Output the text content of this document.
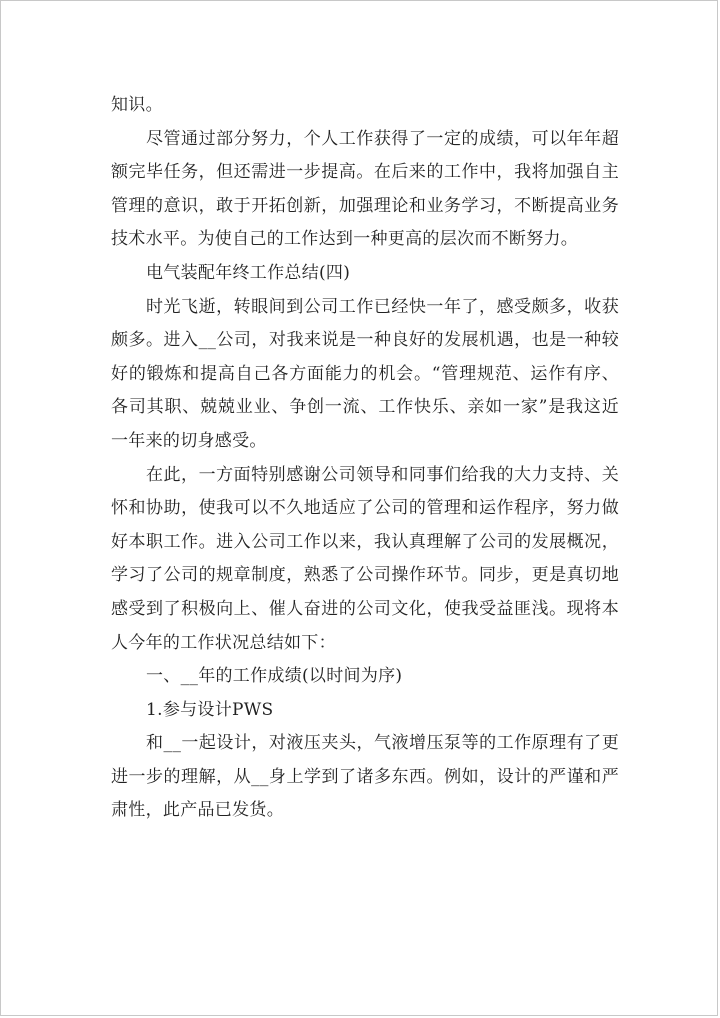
知识。

尽管通过部分努力，个人工作获得了一定的成绩，可以年年超额完毕任务，但还需进一步提高。在后来的工作中，我将加强自主管理的意识，敢于开拓创新，加强理论和业务学习，不断提高业务技术水平。为使自己的工作达到一种更高的层次而不断努力。

电气装配年终工作总结(四)

时光飞逝，转眼间到公司工作已经快一年了，感受颇多，收获颇多。进入__公司，对我来说是一种良好的发展机遇，也是一种较好的锻炼和提高自己各方面能力的机会。“管理规范、运作有序、各司其职、兢兢业业、争创一流、工作快乐、亲如一家”是我这近一年来的切身感受。

在此，一方面特别感谢公司领导和同事们给我的大力支持、关怀和协助，使我可以不久地适应了公司的管理和运作程序，努力做好本职工作。进入公司工作以来，我认真理解了公司的发展概况，学习了公司的规章制度，熟悉了公司操作环节。同步，更是真切地感受到了积极向上、催人奋进的公司文化，使我受益匪浅。现将本人今年的工作状况总结如下：

一、__年的工作成绩(以时间为序)

1.参与设计PWS

和__一起设计，对液压夹头，气液增压泵等的工作原理有了更进一步的理解，从__身上学到了诸多东西。例如，设计的严谨和严肃性，此产品已发货。
